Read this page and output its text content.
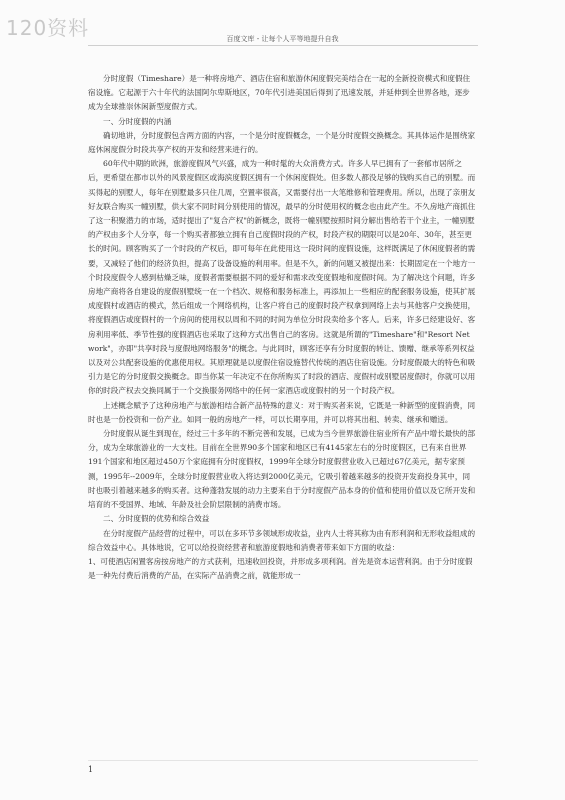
120资料	百度文库 - 让每个人平等地提升自我

分时度假（Timeshare）是一种将房地产、酒店住宿和旅游休闲度假完美结合在一起的全新投资模式和度假住宿设施。它起源于六十年代的法国阿尔卑斯地区，70年代引进美国后得到了迅速发展，并延伸到全世界各地，逐步成为全球推崇休闲新型度假方式。

一、分时度假的内涵

确切地讲，分时度假包含两方面的内容，一个是分时度假概念，一个是分时度假交换概念。其具体运作是围绕家庭休闲度假分时段共享产权的开发和经营来进行的。

60年代中期的欧洲，旅游度假风气兴盛，成为一种时髦的大众消费方式。许多人早已拥有了一套郁市居所之后，更希望在都市以外的风景度假区或海滨度假区拥有一个休闲度假处。但多数人都没足够的钱购买自己的别墅。而买得起的别墅人，每年在别墅最多只住几周，空置率很高，又需要付出一大笔维修和管理费用。所以，出现了亲朋友好友联合购买一幢别墅，供大家不同时间分别使用的情况，最早的分时使用权的概念也由此产生。不久房地产商抓住了这一积聚潜力的市场，适时提出了"复合产权"的新概念，既将一幢别墅按照时间分解出售给若干个业主，一幢别墅的产权由多个人分享，每一个购买者都独立拥有自己度假时段的产权，时段产权的期限可以是20年、30年，甚至更长的时间。顾客购买了一个时段的产权后，即可每年在此使用这一段时间的度假设施，这样既满足了休闲度假者的需要，又减轻了他们的经济负担，提高了设备设施的利用率。但是不久，新的问题又被提出来：长期固定在一个地方一个时段度假令人感到枯燥乏味，度假者需要根据不同的爱好和需求改变度假地和度假时间。为了解决这个问题，许多房地产商将各自建设的度假别墅统一在一个档次、规格和服务标准上，再添加上一些相应的配套服务设施，使其扩展成度假村或酒店的模式，然后组成一个网络机构，让客户将自己的度假时段产权拿到网络上去与其他客户交换使用，将度假酒店或度假村的一个房间的使用权以周和不同的时间为单位分时段卖给多个客人。后来，许多已经建设好、客房利用率低、季节性强的度假酒店也采取了这种方式出售自己的客房。这就是所谓的"Timeshare"和"Resort Net work"，亦即"共享时段与度假地网络服务"的概念。与此同时，顾客还享有分时度假的转让、馈赠、继承等系列权益以及对公共配套设施的优惠使用权。其原理就是以度假住宿设施替代传统的酒店住宿设施。分时度假最大的特色和吸引力是它的分时度假交换概念。即当你某一年决定不在你所购买了时段的酒店、度假村或别墅居度假时，你就可以用你的时段产权去交换同属于一个交换服务网络中的任何一家酒店或度假村的另一个时段产权。

上述概念赋予了这种房地产与旅游相结合新产品特殊的意义：对于购买者来说，它既是一种新型的度假消费，同时也是一份投资和一份产业。如同一般的房地产一样，可以长期享用，并可以将其出租、转卖、继承和赠送。

分时度假从诞生到现在，经过三十多年的不断完善和发展，已成为当今世界旅游住宿业所有产品中增长最快的部分，成为全球旅游业的一大支柱。目前在全世界90多个国家和地区已有4145家左右的分时度假区，已有来自世界191个国家和地区超过450万个家庭拥有分时度假权，1999年全球分时度假营业收入已超过67亿美元，据专家预测，1995年--2009年，全球分时度假营业收入将达到2000亿美元，它吸引着越来越多的投资开发商投身其中，同时也吸引着越来越多的购买者。这种蓬勃发展的动力主要来自于分时度假产品本身的价值和使用价值以及它所开发和培育的不受国界、地域、年龄及社会阶层限制的消费市场。

二、分时度假的优势和综合效益

在分时度假产品经营的过程中，可以在多环节多领域形成收益，业内人士将其称为由有形利润和无形收益组成的综合效益中心。具体地说，它可以给投资经营者和旅游度假地和消费者带来如下方面的收益：

1、可使酒店闲置客房按房地产的方式获利，迅速收回投资，并形成多项利润。首先是资本运营利润。由于分时度假是一种先付费后消费的产品，在实际产品消费之前，就能形成一

1
